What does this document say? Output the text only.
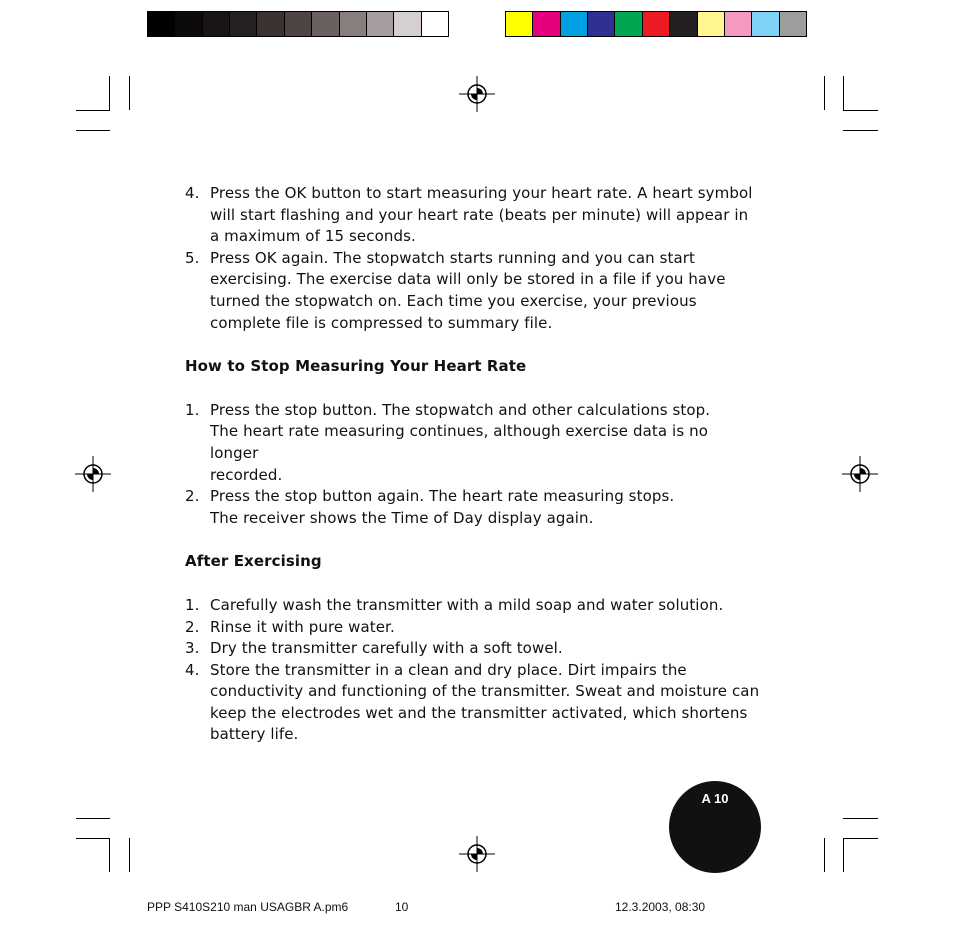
4. Press the OK button to start measuring your heart rate. A heart symbol
will start flashing and your heart rate (beats per minute) will appear in
a maximum of 15 seconds.
5. Press OK again. The stopwatch starts running and you can start
exercising. The exercise data will only be stored in a file if you have
turned the stopwatch on. Each time you exercise, your previous
complete file is compressed to summary file.

How to Stop Measuring Your Heart Rate

1. Press the stop button. The stopwatch and other calculations stop.
The heart rate measuring continues, although exercise data is no longer
recorded.
2. Press the stop button again. The heart rate measuring stops.
The receiver shows the Time of Day display again.

After Exercising

1. Carefully wash the transmitter with a mild soap and water solution.
2. Rinse it with pure water.
3. Dry the transmitter carefully with a soft towel.
4. Store the transmitter in a clean and dry place. Dirt impairs the
conductivity and functioning of the transmitter. Sweat and moisture can
keep the electrodes wet and the transmitter activated, which shortens
battery life.
A 10
PPP S410S210 man USAGBR A.pm6	10	12.3.2003, 08:30
